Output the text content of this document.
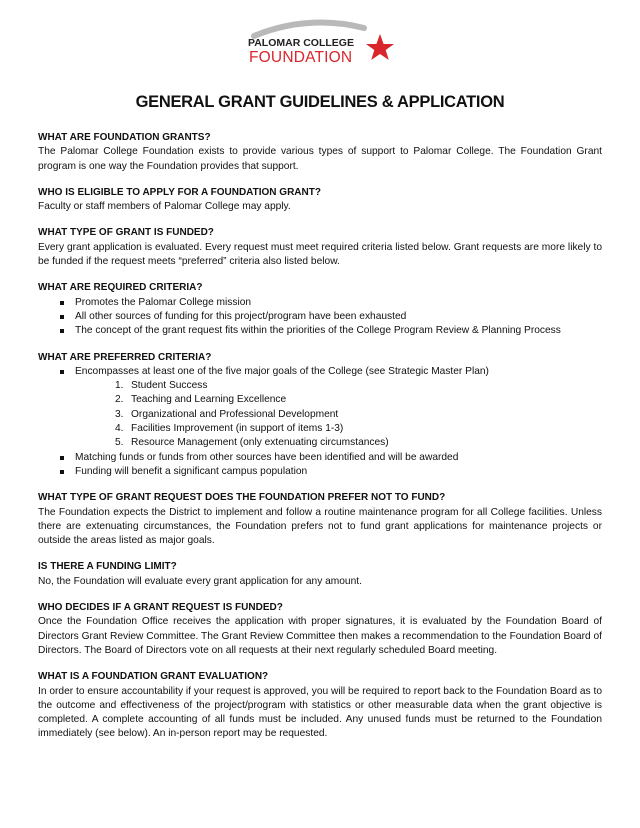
PALOMAR COLLEGE
FOUNDATION
GENERAL GRANT GUIDELINES & APPLICATION
WHAT ARE FOUNDATION GRANTS?
The Palomar College Foundation exists to provide various types of support to Palomar College. The Foundation Grant program is one way the Foundation provides that support.
WHO IS ELIGIBLE TO APPLY FOR A FOUNDATION GRANT?
Faculty or staff members of Palomar College may apply.
WHAT TYPE OF GRANT IS FUNDED?
Every grant application is evaluated. Every request must meet required criteria listed below. Grant requests are more likely to be funded if the request meets “preferred” criteria also listed below.
WHAT ARE REQUIRED CRITERIA?
Promotes the Palomar College mission
All other sources of funding for this project/program have been exhausted
The concept of the grant request fits within the priorities of the College Program Review & Planning Process
WHAT ARE PREFERRED CRITERIA?
Encompasses at least one of the five major goals of the College (see Strategic Master Plan)
1. Student Success
2. Teaching and Learning Excellence
3. Organizational and Professional Development
4. Facilities Improvement (in support of items 1-3)
5. Resource Management (only extenuating circumstances)
Matching funds or funds from other sources have been identified and will be awarded
Funding will benefit a significant campus population
WHAT TYPE OF GRANT REQUEST DOES THE FOUNDATION PREFER NOT TO FUND?
The Foundation expects the District to implement and follow a routine maintenance program for all College facilities. Unless there are extenuating circumstances, the Foundation prefers not to fund grant applications for maintenance projects or outside the areas listed as major goals.
IS THERE A FUNDING LIMIT?
No, the Foundation will evaluate every grant application for any amount.
WHO DECIDES IF A GRANT REQUEST IS FUNDED?
Once the Foundation Office receives the application with proper signatures, it is evaluated by the Foundation Board of Directors Grant Review Committee. The Grant Review Committee then makes a recommendation to the Foundation Board of Directors. The Board of Directors vote on all requests at their next regularly scheduled Board meeting.
WHAT IS A FOUNDATION GRANT EVALUATION?
In order to ensure accountability if your request is approved, you will be required to report back to the Foundation Board as to the outcome and effectiveness of the project/program with statistics or other measurable data when the grant objective is completed. A complete accounting of all funds must be included. Any unused funds must be returned to the Foundation immediately (see below). An in-person report may be requested.
